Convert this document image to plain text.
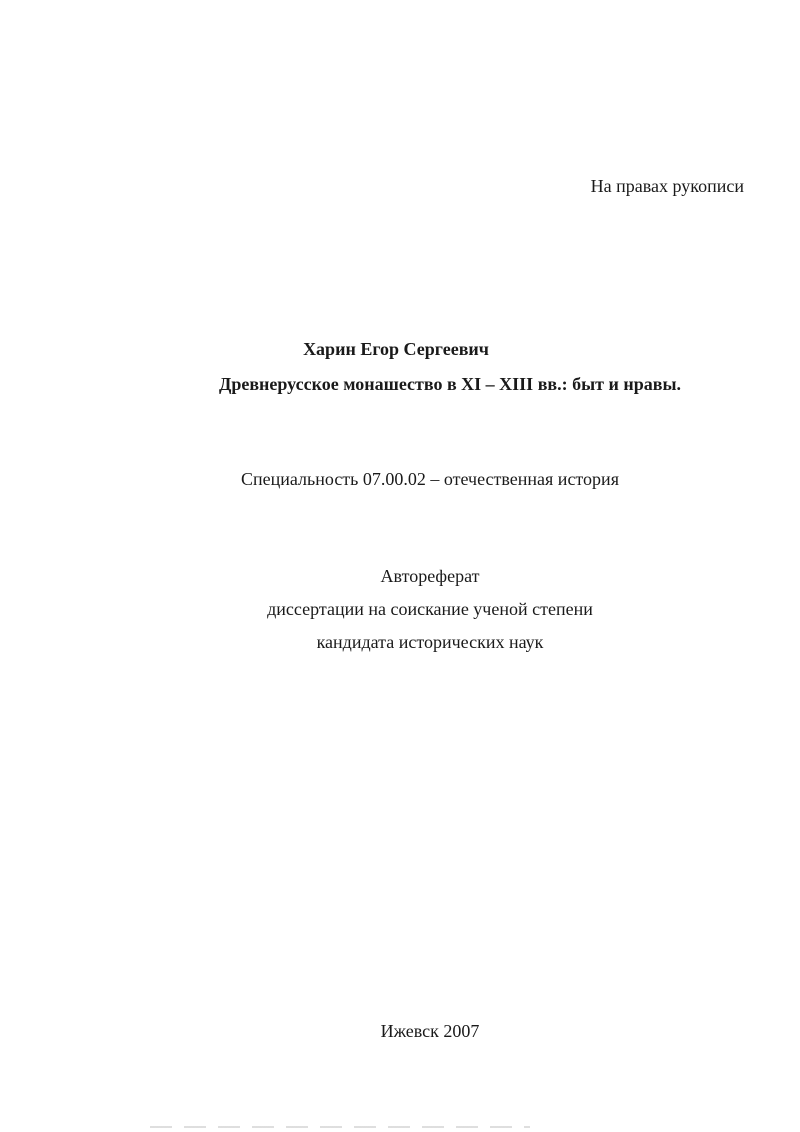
На правах рукописи
Харин Егор Сергеевич
Древнерусское монашество в XI – XIII вв.: быт и нравы.
Специальность 07.00.02 – отечественная история
Автореферат
диссертации на соискание ученой степени
кандидата исторических наук
Ижевск 2007
